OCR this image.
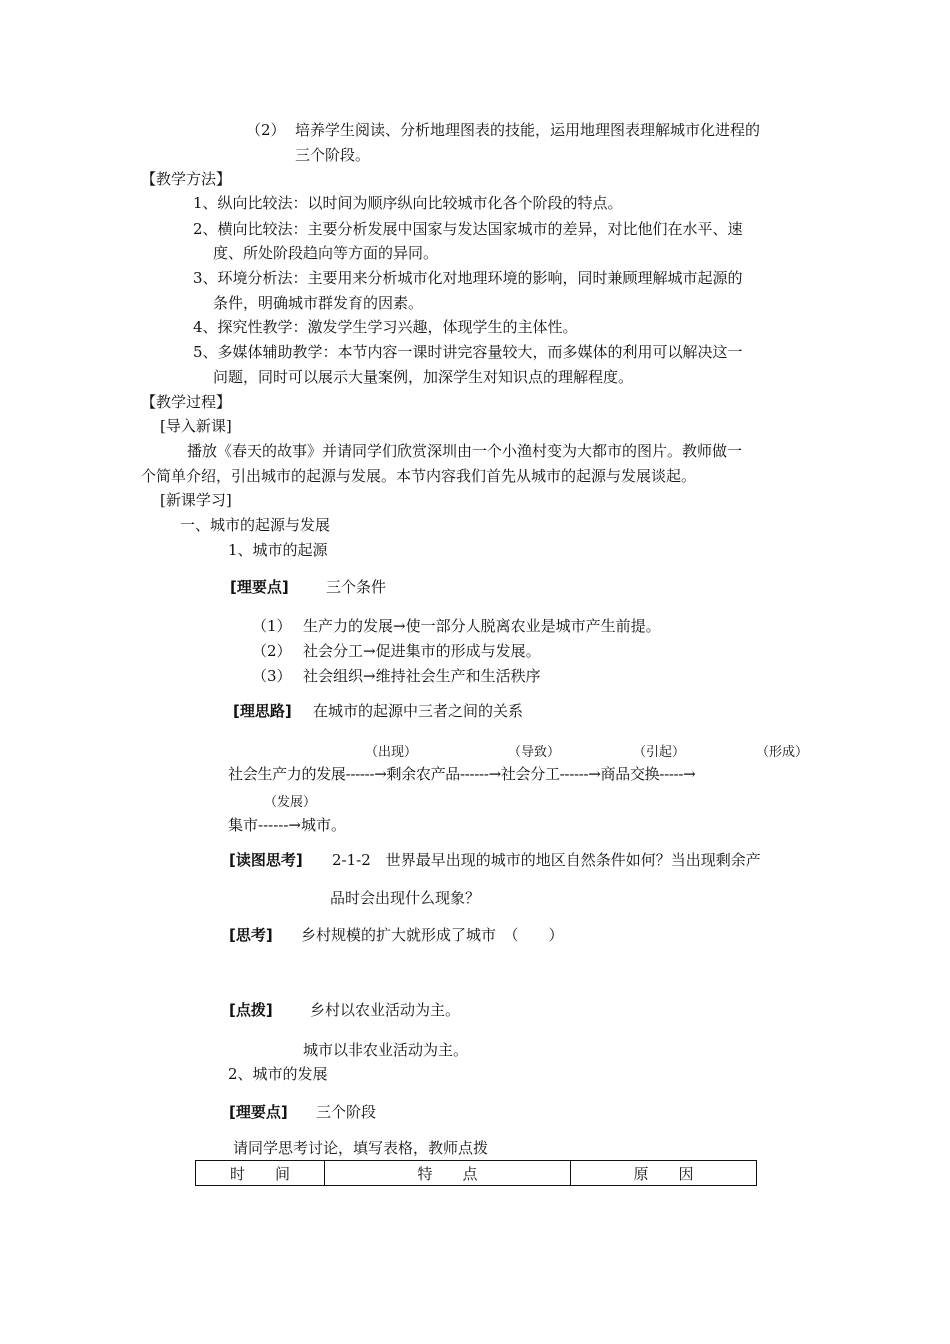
（2） 培养学生阅读、分析地理图表的技能，运用地理图表理解城市化进程的
三个阶段。
【教学方法】
1、纵向比较法：以时间为顺序纵向比较城市化各个阶段的特点。
2、横向比较法：主要分析发展中国家与发达国家城市的差异，对比他们在水平、速
度、所处阶段趋向等方面的异同。
3、环境分析法：主要用来分析城市化对地理环境的影响，同时兼顾理解城市起源的
条件，明确城市群发育的因素。
4、探究性教学：激发学生学习兴趣，体现学生的主体性。
5、多媒体辅助教学：本节内容一课时讲完容量较大，而多媒体的利用可以解决这一
问题，同时可以展示大量案例，加深学生对知识点的理解程度。
【教学过程】
[导入新课]
播放《春天的故事》并请同学们欣赏深圳由一个小渔村变为大都市的图片。教师做一
个简单介绍，引出城市的起源与发展。本节内容我们首先从城市的起源与发展谈起。
[新课学习]
一、城市的起源与发展
1、城市的起源
[理要点] 三个条件
（1） 生产力的发展→使一部分人脱离农业是城市产生前提。
（2） 社会分工→促进集市的形成与发展。
（3） 社会组织→维持社会生产和生活秩序
[理思路] 在城市的起源中三者之间的关系
（出现）	（导致）	（引起）	（形成）
社会生产力的发展------→剩余农产品------→社会分工------→商品交换-----→
（发展）
集市------→城市。
[读图思考] 2-1-2　世界最早出现的城市的地区自然条件如何？当出现剩余产
品时会出现什么现象？
[思考] 乡村规模的扩大就形成了城市　（　　）
[点拨] 乡村以农业活动为主。
城市以非农业活动为主。
2、城市的发展
[理要点] 三个阶段
请同学思考讨论，填写表格，教师点拨
时　　间	特　　点	原　　因
